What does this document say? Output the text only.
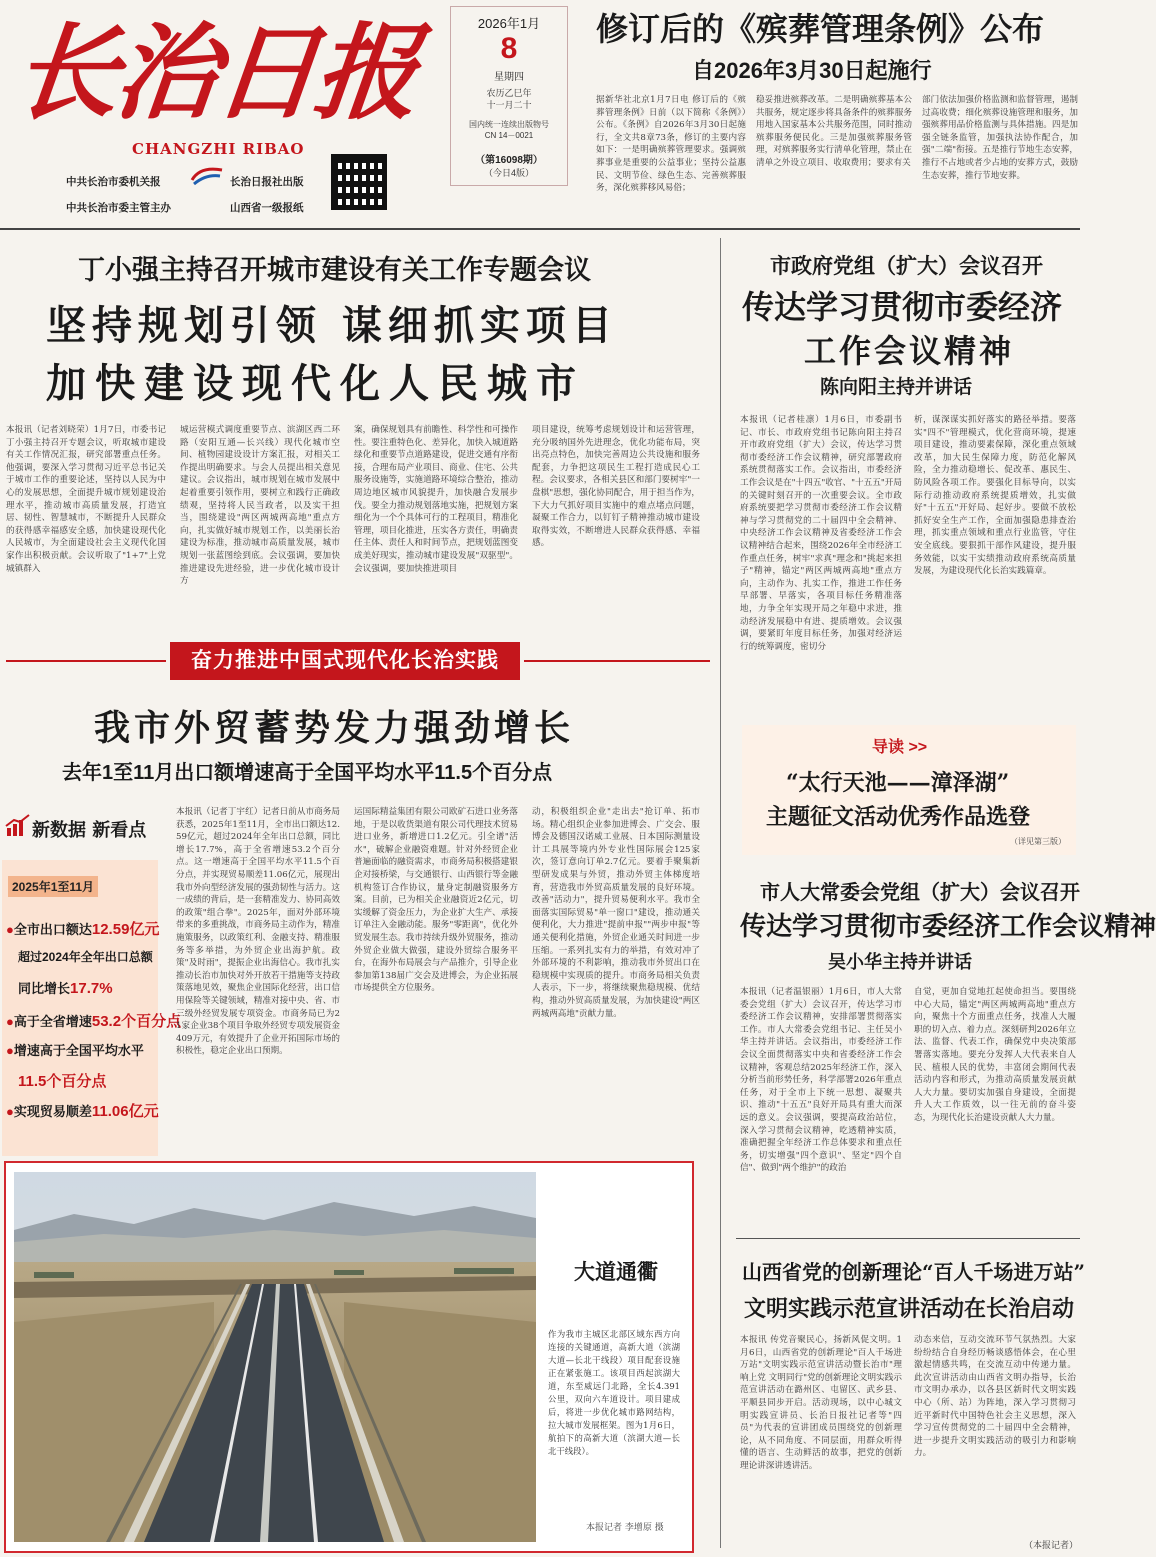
长治日报
CHANGZHI RIBAO
中共长治市委机关报	长治日报社出版
中共长治市委主管主办	山西省一级报纸
2026年1月
8
星期四
农历乙巳年
十一月二十
国内统一连续出版物号
CN 14－0021
（第16098期）
（今日4版）
修订后的《殡葬管理条例》公布
自2026年3月30日起施行
据新华社北京1月7日电 修订后的《殡葬管理条例》日前（以下简称《条例》）公布。《条例》自2026年3月30日起施行，全文共8章73条，修订的主要内容如下：一是明确殡葬管理要求。强调殡葬事业是重要的公益事业；坚持公益惠民、文明节俭、绿色生态、完善殡葬服务，深化殡葬移风易俗；
稳妥推进殡葬改革。二是明确殡葬基本公共服务，规定逐步将具备条件的殡葬服务用地入国家基本公共服务范围，同时推动殡葬服务便民化。三是加强殡葬服务管理，对殡葬服务实行清单化管理，禁止在清单之外设立项目、收取费用；要求有关
部门依法加强价格监测和监督管理，遏制过高收费；细化殡葬设施管理和服务，加强殡葬用品价格监测与具体措施。四是加强全链条监管，加强执法协作配合，加强"二端"衔接。五是推行节地生态安葬，推行不占地或者少占地的安葬方式，鼓励生态安葬，推行节地安葬。
丁小强主持召开城市建设有关工作专题会议
坚持规划引领 谋细抓实项目
加快建设现代化人民城市
本报讯（记者刘晓荣）1月7日，市委书记丁小强主持召开专题会议，听取城市建设有关工作情况汇报，研究部署重点任务。他强调，要深入学习贯彻习近平总书记关于城市工作的重要论述，坚持以人民为中心的发展思想，全面提升城市规划建设治理水平，推动城市高质量发展，打造宜居、韧性、智慧城市，不断提升人民群众的获得感幸福感安全感，加快建设现代化人民城市，为全面建设社会主义现代化国家作出积极贡献。会议听取了"1+7"上党城镇群入
城运营模式调度重要节点、滨湖区西二环路（安阳互通—长兴线）现代化城市空间、植物园建设设计方案汇报，对相关工作提出明确要求。与会人员提出相关意见建议。会议指出，城市规划在城市发展中起着重要引领作用，要树立和践行正确政绩观，坚持将人民当政者，以及实干担当，围绕建设"两区两城两高地"重点方向，扎实做好城市规划工作，以美丽长治建设为标准，推动城市高质量发展，城市规划一张蓝图绘到底。会议强调，要加快推进建设先进经验，进一步优化城市设计方
案，确保规划具有前瞻性、科学性和可操作性。要注重特色化、差异化，加快入城道路绿化和重要节点道路建设，促进交通有序衔接，合理布局产业项目、商业、住宅、公共服务设施等，实施道路环境综合整治，推动周边地区城市风貌提升，加快融合发展步伐。要全力推动规划落地实施，把规划方案细化为一个个具体可行的工程项目，精准化管理，项目化推进，压实各方责任，明确责任主体、责任人和时间节点，把规划蓝图变成美好现实，推动城市建设发展"双驱型"。会议强调，要加快推进项目
项目建设，统筹考虑规划设计和运营管理，充分吸纳国外先进理念，优化功能布局，突出亮点特色，加快完善周边公共设施和服务配套，力争把这项民生工程打造成民心工程。会议要求，各相关县区和部门要树牢"一盘棋"思想，强化协同配合，用于担当作为，下大力气抓好项目实施中的难点堵点问题，凝聚工作合力，以钉钉子精神推动城市建设取得实效，不断增进人民群众获得感、幸福感。
市政府党组（扩大）会议召开
传达学习贯彻市委经济
工作会议精神
陈向阳主持并讲话
本报讯（记者桂凛）1月6日，市委副书记、市长、市政府党组书记陈向阳主持召开市政府党组（扩大）会议，传达学习贯彻市委经济工作会议精神，研究部署政府系统贯彻落实工作。会议指出，市委经济工作会议是在"十四五"收官、"十五五"开局的关键时刻召开的一次重要会议。全市政府系统要把学习贯彻市委经济工作会议精神与学习贯彻党的二十届四中全会精神、中央经济工作会议精神及省委经济工作会议精神结合起来，围绕2026年全市经济工作重点任务，树牢"求真"理念和"挑起来担子"精神，锚定"两区两城两高地"重点方向，主动作为、扎实工作，推进工作任务早部署、早落实，各项目标任务精准落地，力争全年实现开局之年稳中求进，推动经济发展稳中有进、提质增效。会议强调，要紧盯年度目标任务，加强对经济运行的统筹调度，密切分
析，谋深谋实抓好落实的路径举措。要落实"四不"管理模式，优化营商环境，提速项目建设，推动要素保障，深化重点领域改革，加大民生保障力度，防范化解风险，全力推动稳增长、促改革、惠民生、防风险各项工作。要强化目标导向，以实际行动推动政府系统提质增效，扎实做好"十五五"开好局、起好步。要做不放松抓好安全生产工作，全面加强隐患排查治理，抓实重点领域和重点行业监管，守住安全底线。要狠抓干部作风建设，提升服务效能，以实干实绩推动政府系统高质量发展，为建设现代化长治实践篇章。
奋力推进中国式现代化长治实践
我市外贸蓄势发力强劲增长
去年1至11月出口额增速高于全国平均水平11.5个百分点
新数据 新看点
2025年1至11月
●全市出口额达12.59亿元
超过2024年全年出口总额
同比增长17.7%
●高于全省增速53.2个百分点
●增速高于全国平均水平
11.5个百分点
●实现贸易顺差11.06亿元
本报讯（记者丁宇红）记者日前从市商务局获悉，2025年1至11月，全市出口额达12.59亿元，超过2024年全年出口总额，同比增长17.7%，高于全省增速53.2个百分点。这一增速高于全国平均水平11.5个百分点，并实现贸易顺差11.06亿元，展现出我市外向型经济发展的强劲韧性与活力。这一成绩的背后，是一套精准发力、协同高效的政策"组合拳"。2025年，面对外部环境带来的多重挑战，市商务局主动作为，精准施策服务，以政策红利、金融支持、精准服务等多举措，为外贸企业出海护航。政策"及时雨"，提振企业出海信心。我市扎实推动长治市加快对外开放若干措施等支持政策落地见效，聚焦企业国际化经营，出口信用保险等关键领域，精准对接中央、省、市三级外经贸发展专项资金。市商务局已为21家企业38个项目争取外经贸专项发展资金409万元，有效提升了企业开拓国际市场的积极性，稳定企业出口预期。
运国际精益集团有限公司欧矿石进口业务落地，于是以收货渠道有限公司代理技术贸易进口业务，新增进口1.2亿元。引全谱"活水"，破解企业融资难题。针对外经贸企业普遍面临的融资需求，市商务局积极搭建银企对接桥梁，与交通银行、山西银行等金融机构签订合作协议，量身定制融资服务方案。目前，已为相关企业融资近2亿元，切实缓解了资金压力，为企业扩大生产、承接订单注入金融动能。服务"零距离"，优化外贸发展生态。我市持续升级外贸服务，推动外贸企业做大做强，建设外贸综合服务平台，在海外布局展会与产品推介，引导企业参加第138届广交会及进博会，为企业拓展市场提供全方位服务。
动，积极组织企业"走出去"抢订单、拓市场。精心组织企业参加进博会、广交会、服博会及德国汉诺威工业展、日本国际测量设计工具展等境内外专业性国际展会125家次，签订意向订单2.7亿元。要着手聚集新型研发成果与外贸，推动外贸主体梯度培育，营造我市外贸高质量发展的良好环境。改善"活动力"，提升贸易便利水平。我市全面落实国际贸易"单一窗口"建设，推动通关便利化，大力推进"提前申报""两步申报"等通关便利化措施，外贸企业通关时间进一步压缩。一系列扎实有力的举措，有效对冲了外部环境的不利影响，推动我市外贸出口在稳规模中实现质的提升。市商务局相关负责人表示，下一步，将继续聚焦稳规模、优结构，推动外贸高质量发展，为加快建设"两区两城两高地"贡献力量。
导读 >>
“太行天池——漳泽湖”
主题征文活动优秀作品选登
（详见第三版）
市人大常委会党组（扩大）会议召开
传达学习贯彻市委经济工作会议精神
吴小华主持并讲话
本报讯（记者温银丽）1月6日，市人大常委会党组（扩大）会议召开，传达学习市委经济工作会议精神，安排部署贯彻落实工作。市人大常委会党组书记、主任吴小华主持并讲话。会议指出，市委经济工作会议全面贯彻落实中央和省委经济工作会议精神，客观总结2025年经济工作，深入分析当前形势任务，科学部署2026年重点任务，对于全市上下统一思想、凝聚共识、推动"十五五"良好开局具有重大而深远的意义。会议强调，要提高政治站位，深入学习贯彻会议精神，吃透精神实质，准确把握全年经济工作总体要求和重点任务，切实增强"四个意识"、坚定"四个自信"、做到"两个维护"的政治
自觉，更加自觉地扛起使命担当。要围绕中心大局，锚定"两区两城两高地"重点方向，聚焦十个方面重点任务，找准人大履职的切入点、着力点。深刻研判2026年立法、监督、代表工作，确保党中央决策部署落实落地。要充分发挥人大代表来自人民、植根人民的优势，丰富闭会期间代表活动内容和形式，为推动高质量发展贡献人大力量。要切实加强自身建设，全面提升人大工作质效，以一往无前的奋斗姿态，为现代化长治建设贡献人大力量。
山西省党的创新理论“百人千场进万站”
文明实践示范宣讲活动在长治启动
本报讯 传党音聚民心，扬新风促文明。1月6日，山西省党的创新理论"百人千场进万站"文明实践示范宣讲活动暨长治市"理响上党 文明同行"党的创新理论文明实践示范宣讲活动在潞州区、屯留区、武乡县、平顺县同步开启。活动现场，以中心城文明实践宣讲员、长治日报社记者等"四员"为代表的宣讲团成员围绕党的创新理论，从不同角度、不同层面，用群众听得懂的语言、生动鲜活的故事，把党的创新理论讲深讲透讲活。
动态来信，互动交流环节气氛热烈。大家纷纷结合自身经历畅谈感悟体会，在心里激起情感共鸣，在交流互动中传递力量。此次宣讲活动由山西省文明办指导，长治市文明办承办，以各县区新时代文明实践中心（所、站）为阵地，深入学习贯彻习近平新时代中国特色社会主义思想，深入学习宣传贯彻党的二十届四中全会精神，进一步提升文明实践活动的吸引力和影响力。
（本报记者）
大道通衢
作为我市主城区北部区域东西方向连接的关键通道，高新大道（滨湖大道—长北干线段）项目配套设施正在紧张施工。该项目西起滨湖大道，东至威远门北路，全长4.391公里，双向六车道设计。项目建成后，将进一步优化城市路网结构，拉大城市发展框架。图为1月6日，航拍下的高新大道（滨湖大道—长北干线段）。
本报记者 李增原 摄
